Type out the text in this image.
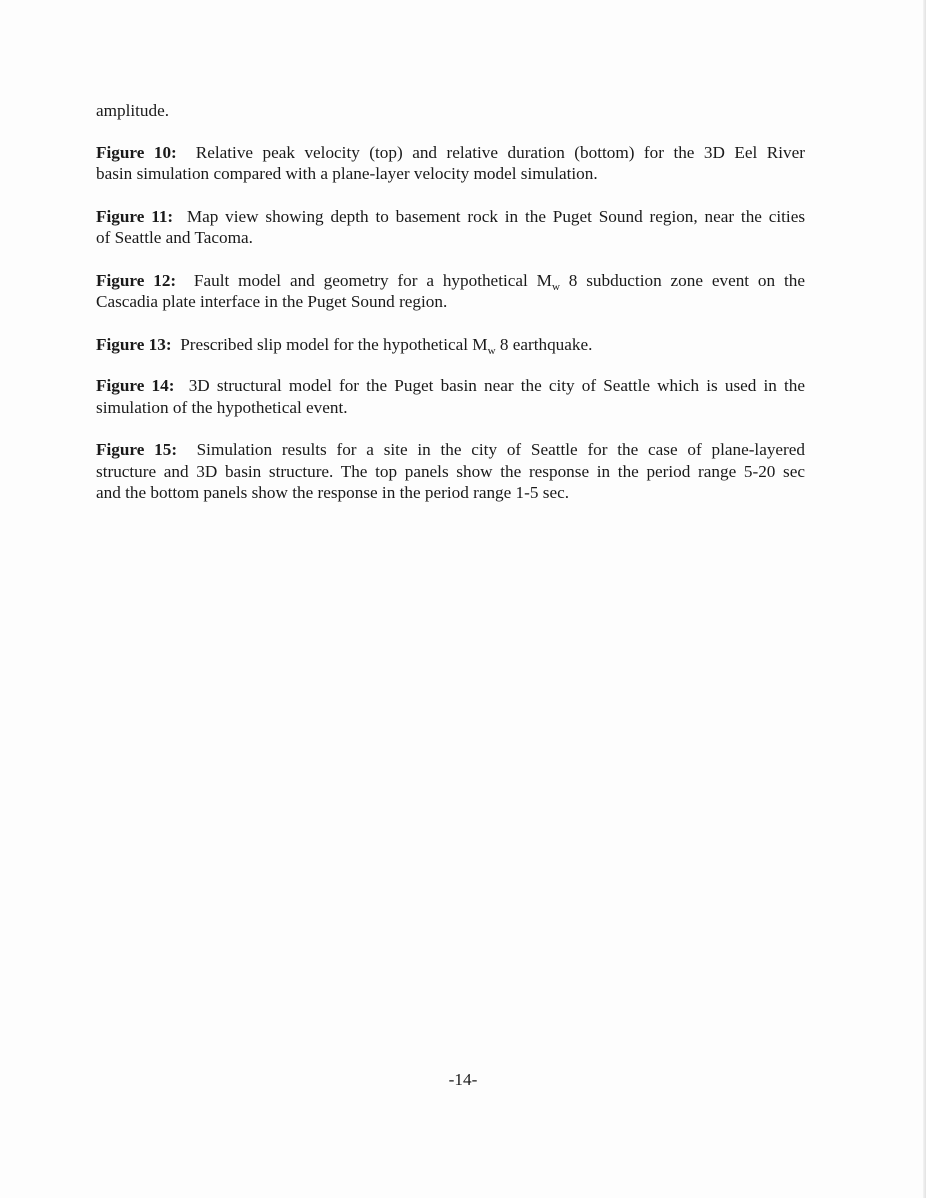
amplitude.

Figure 10: Relative peak velocity (top) and relative duration (bottom) for the 3D Eel River
basin simulation compared with a plane-layer velocity model simulation.

Figure 11: Map view showing depth to basement rock in the Puget Sound region, near the cities
of Seattle and Tacoma.

Figure 12: Fault model and geometry for a hypothetical $M_w$ 8 subduction zone event on the
Cascadia plate interface in the Puget Sound region.

Figure 13: Prescribed slip model for the hypothetical $M_w$ 8 earthquake.

Figure 14: 3D structural model for the Puget basin near the city of Seattle which is used in the
simulation of the hypothetical event.

Figure 15: Simulation results for a site in the city of Seattle for the case of plane-layered
structure and 3D basin structure. The top panels show the response in the period range 5-20 sec
and the bottom panels show the response in the period range 1-5 sec.

-14-
